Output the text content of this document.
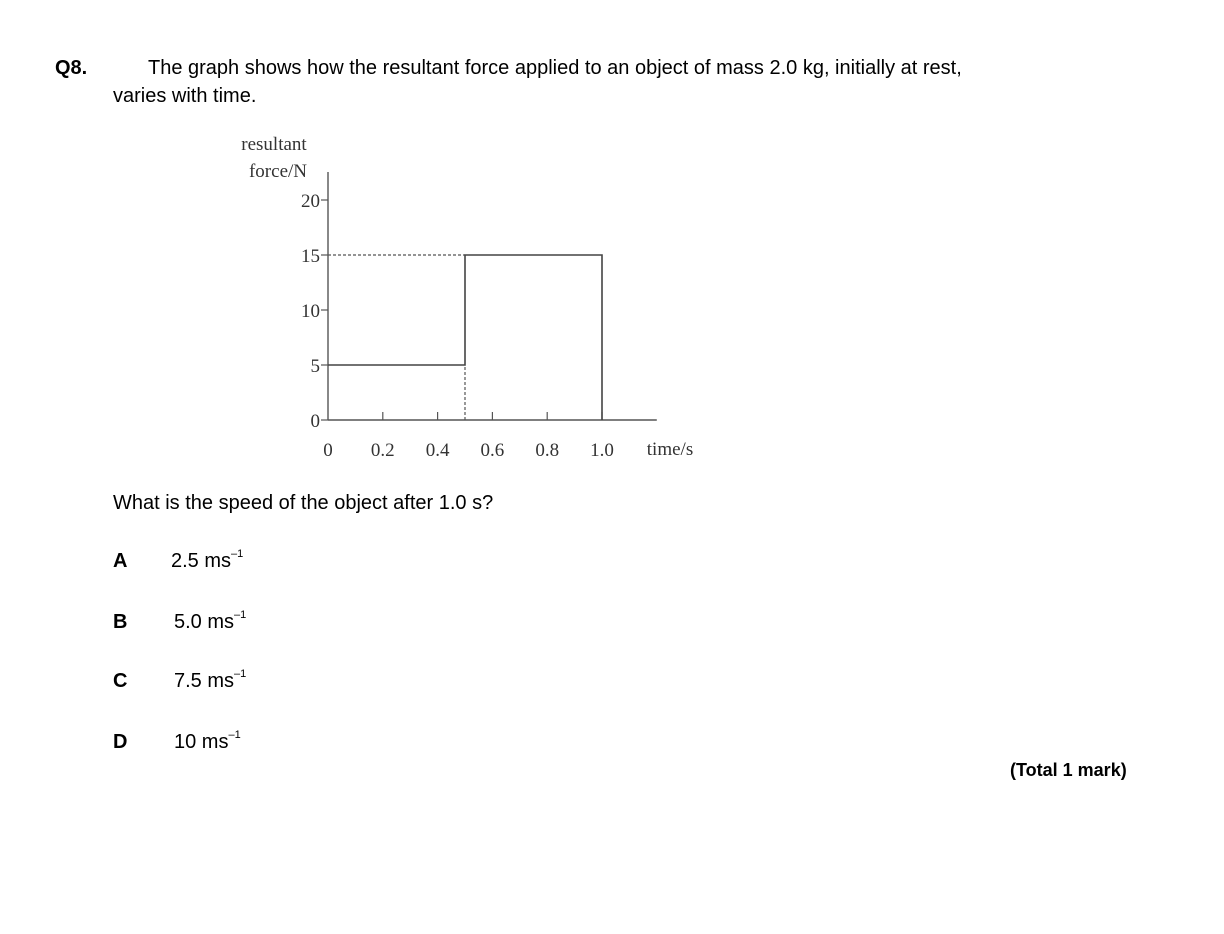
Q8.	The graph shows how the resultant force applied to an object of mass 2.0 kg, initially at rest,
varies with time.
resultant
force/N
time/s
0
5
10
15
20
0 0.2 0.4 0.6 0.8 1.0
What is the speed of the object after 1.0 s?
A 2.5 $ms^{-1}$
B 5.0 $ms^{-1}$
C 7.5 $ms^{-1}$
D 10 $ms^{-1}$
(Total 1 mark)
